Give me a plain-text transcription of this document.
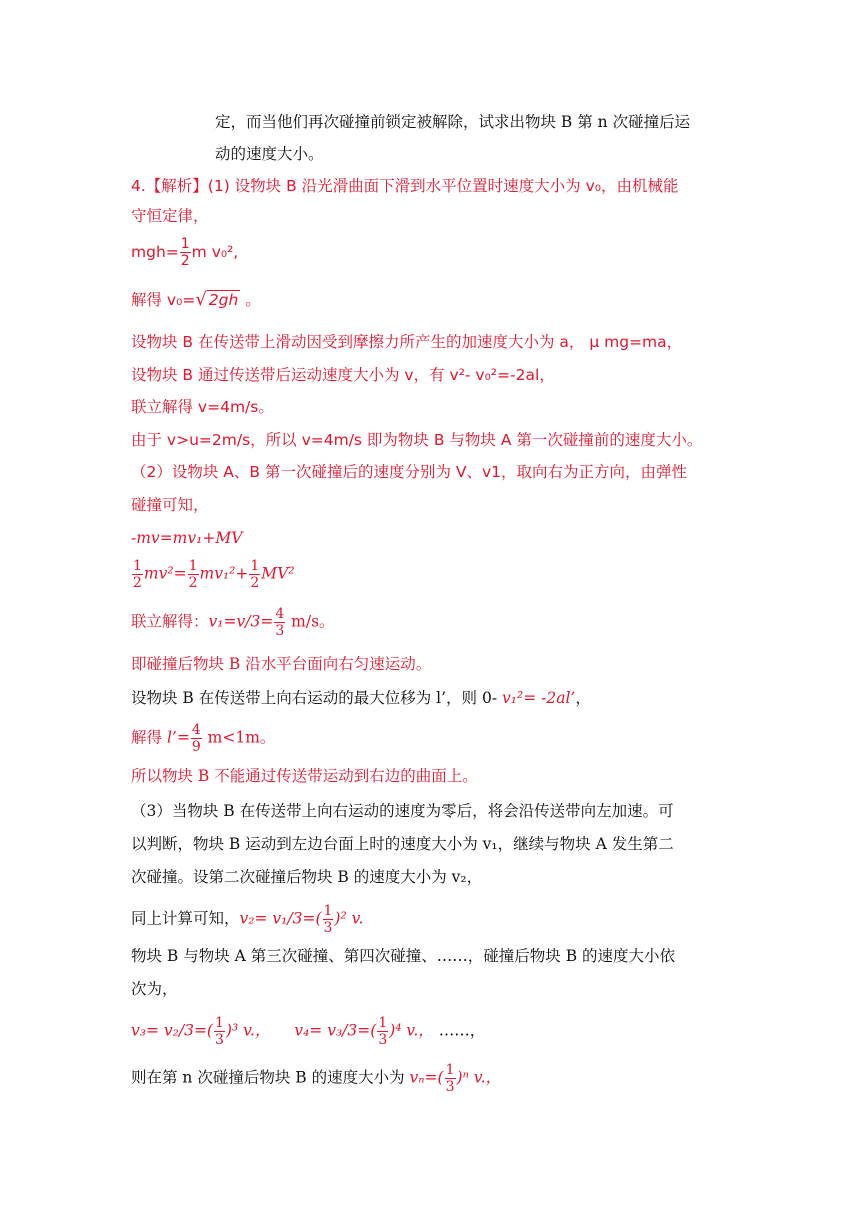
定，而当他们再次碰撞前锁定被解除，试求出物块 B 第 n 次碰撞后运
动的速度大小。
4.【解析】(1) 设物块 B 沿光滑曲面下滑到水平位置时速度大小为 v₀，由机械能
守恒定律，
$mgh= \frac{1}{2}$ m v₀²,
解得 v₀=√ 2gh 。
设物块 B 在传送带上滑动因受到摩擦力所产生的加速度大小为 a， μ mg=ma，
设物块 B 通过传送带后运动速度大小为 v，有 v²- v₀²=-2al，
联立解得 v=4m/s。
由于 v>u=2m/s，所以 v=4m/s 即为物块 B 与物块 A 第一次碰撞前的速度大小。
（2）设物块 A、B 第一次碰撞后的速度分别为 V、v1，取向右为正方向，由弹性
碰撞可知，
-mv=mv₁+MV
$\frac{1}{2} mv^2= \frac{1}{2} mv_1^2+ \frac{1}{2} MV^2$
联立解得：$v_1=v/3= \frac{4}{3} m/s$。
即碰撞后物块 B 沿水平台面向右匀速运动。
设物块 B 在传送带上向右运动的最大位移为 l’，则 0- v₁²= -2al’，
解得 l’= $\frac{4}{9} m<1m$。
所以物块 B 不能通过传送带运动到右边的曲面上。
（3）当物块 B 在传送带上向右运动的速度为零后，将会沿传送带向左加速。可
以判断，物块 B 运动到左边台面上时的速度大小为 v₁，继续与物块 A 发生第二
次碰撞。设第二次碰撞后物块 B 的速度大小为 v₂，
同上计算可知，$v_2= v_1/3=( \frac{1}{3} )^2$ v.
物块 B 与物块 A 第三次碰撞、第四次碰撞、……，碰撞后物块 B 的速度大小依
次为，
$v_3= v_2/3=( \frac{1}{3} )^3$ v.， $v_4= v_3/3=( \frac{1}{3} )^4$ v.， ……，
则在第 n 次碰撞后物块 B 的速度大小为 $v_n=( \frac{1}{3} )^n$ v.，
